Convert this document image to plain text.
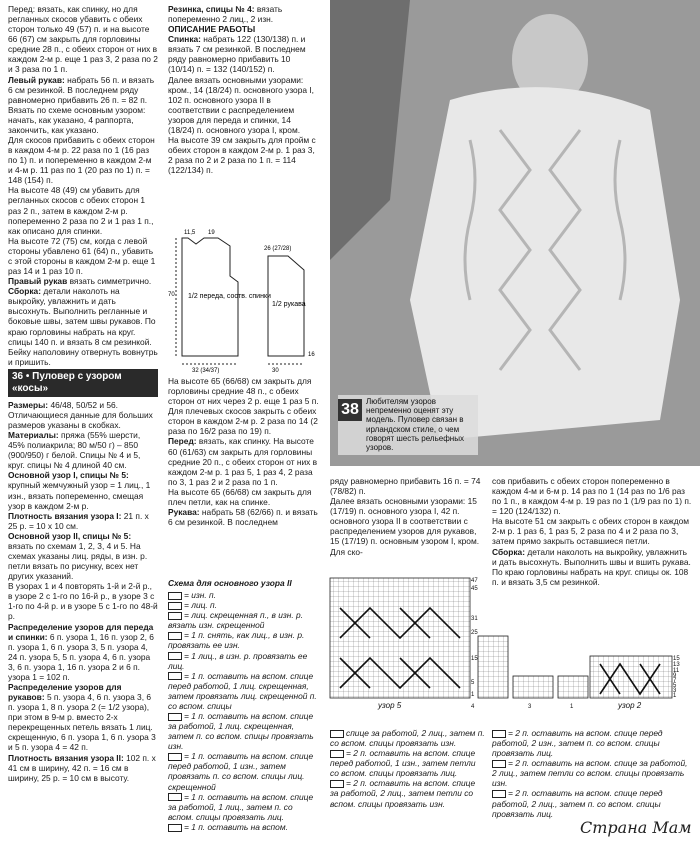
Перед: вязать, как спинку, но для регланных скосов убавить с обеих сторон только 49 (57) п. и на высоте 66 (67) см закрыть для горловины средние 28 п., с обеих сторон от них в каждом 2-м р. еще 1 раз 3, 2 раза по 2 и 3 раза по 1 п.
Левый рукав: набрать 56 п. и вязать 6 см резинкой. В последнем ряду равномерно прибавить 26 п. = 82 п.
Вязать по схеме основным узором: начать, как указано, 4 раппорта, закончить, как указано.
Для скосов прибавить с обеих сторон в каждом 4-м р. 22 раза по 1 (16 раз по 1) п. и попеременно в каждом 2-м и 4-м р. 11 раз по 1 (20 раз по 1) п. = 148 (154) п.
На высоте 48 (49) см убавить для регланных скосов с обеих сторон 1 раз 2 п., затем в каждом 2-м р. попеременно 2 раза по 2 и 1 раз 1 п., как описано для спинки.
На высоте 72 (75) см, когда с левой стороны убавлено 61 (64) п., убавить с этой стороны в каждом 2-м р. еще 1 раз 14 и 1 раз 10 п.
Правый рукав вязать симметрично.
Сборка: детали наколоть на выкройку, увлажнить и дать высохнуть. Выполнить регланные и боковые швы, затем швы рукавов. По краю горловины набрать на круг. спицы 140 п. и вязать 8 см резинкой.
Бейку наполовину отвернуть вовнутрь и пришить.
36 • Пуловер с узором «косы»
Размеры: 46/48, 50/52 и 56.
Отличающиеся данные для больших размеров указаны в скобках.
Материалы: пряжа (55% шерсти, 45% полиакрила; 80 м/50 г) – 850 (900/950) г белой. Спицы № 4 и 5, круг. спицы № 4 длиной 40 см.
Основной узор I, спицы № 5: крупный жемчужный узор = 1 лиц., 1 изн., вязать попеременно, смещая узор в каждом 2-м р.
Плотность вязания узора I: 21 п. х 25 р. = 10 х 10 см.
Основной узор II, спицы № 5: вязать по схемам 1, 2, 3, 4 и 5. На схемах указаны лиц. ряды, в изн. р. петли вязать по рисунку, всех нет других указаний.
В узорах 1 и 4 повторять 1-й и 2-й р., в узоре 2 с 1-го по 16-й р., в узоре 3 с 1-го по 4-й р. и в узоре 5 с 1-го по 48-й р.
Распределение узоров для переда и спинки: 6 п. узора 1, 16 п. узор 2, 6 п. узора 1, 6 п. узора 3, 5 п. узора 4, 24 п. узора 5, 5 п. узора 4, 6 п. узора 3, 6 п. узора 1, 16 п. узора 2 и 6 п. узора 1 = 102 п.
Распределение узоров для рукавов: 5 п. узора 4, 6 п. узора 3, 6 п. узора 1, 8 п. узора 2 (= 1/2 узора), при этом в 9-м р. вместо 2-х перекрещенных петель вязать 1 лиц. скрещенную, 6 п. узора 1, 6 п. узора 3 и 5 п. узора 4 = 42 п.
Плотность вязания узора II: 102 п. х 41 см в ширину, 42 п. = 16 см в ширину, 25 р. = 10 см в высоту.
Резинка, спицы № 4: вязать попеременно 2 лиц., 2 изн.
ОПИСАНИЕ РАБОТЫ
Спинка: набрать 122 (130/138) п. и вязать 7 см резинкой. В последнем ряду равномерно прибавить 10 (10/14) п. = 132 (140/152) п.
Далее вязать основными узорами: кром., 14 (18/24) п. основного узора I, 102 п. основного узора II в соответствии с распределением узоров для переда и спинки, 14 (18/24) п. основного узора I, кром.
На высоте 39 см закрыть для пройм с обеих сторон в каждом 2-м р. 1 раз 3, 2 раза по 2 и 2 раза по 1 п. = 114 (122/134) п.
11,5 19
70
26 (27/28)
32 (34/37)	30
16
1/2 переда, соотв. спинки
1/2 рукава
На высоте 65 (66/68) см закрыть для горловины средние 48 п., с обеих сторон от них через 2 р. еще 1 раз 5 п.
Для плечевых скосов закрыть с обеих сторон в каждом 2-м р. 2 раза по 14 (2 раза по 16/2 раза по 19) п.
Перед: вязать, как спинку. На высоте 60 (61/63) см закрыть для горловины средние 20 п., с обеих сторон от них в каждом 2-м р. 1 раз 5, 1 раз 4, 2 раза по 3, 1 раз 2 и 2 раза по 1 п.
На высоте 65 (66/68) см закрыть для плеч петли, как на спинке.
Рукава: набрать 58 (62/66) п. и вязать 6 см резинкой. В последнем
38 Любителям узоров непременно оценят эту модель. Пуловер связан в ирландском стиле, о чем говорят шесть рельефных узоров.
ряду равномерно прибавить 16 п. = 74 (78/82) п.
Далее вязать основными узорами: 15 (17/19) п. основного узора I, 42 п. основного узора II в соответствии с распределением узоров для рукавов, 15 (17/19) п. основным узором I, кром. Для ско-
сов прибавить с обеих сторон попеременно в каждом 4-м и 6-м р. 14 раз по 1 (14 раз по 1/6 раз по 1 п., в каждом 4-м р. 19 раз по 1 (1/9 раз по 1) п. = 120 (124/132) п.
На высоте 51 см закрыть с обеих сторон в каждом 2-м р. 1 раз 6, 1 раз 5, 2 раза по 4 и 2 раза по 3, затем прямо закрыть оставшиеся петли.
Сборка: детали наколоть на выкройку, увлажнить и дать высохнуть. Выполнить швы и вшить рукава. По краю горловины набрать на круг. спицы ок. 108 п. и вязать 3,5 см резинкой.
Схема для основного узора II
= изн. п.
= лиц. п.
= лиц. скрещенная п., в изн. р. вязать изн. скрещенной
= 1 п. снять, как лиц., в изн. р. провязать ее изн.
= 1 лиц., в изн. р. провязать ее лиц.
= 1 п. оставить на вспом. спице перед работой, 1 лиц. скрещенная, затем провязать лиц. скрещенной п. со вспом. спицы
= 1 п. оставить на вспом. спице за работой, 1 лиц. скрещенная, затем п. со вспом. спицы провязать изн.
= 1 п. оставить на вспом. спице перед работой, 1 изн., затем провязать п. со вспом. спицы лиц. скрещенной
= 1 п. оставить на вспом. спице за работой, 1 лиц., затем п. со вспом. спицы провязать лиц.
= 1 п. оставить на вспом.
узор 5	4	3	1	узор 2
47
45
31
25
15
5
1
15
13
11
9
7
5
3
1
спице за работой, 2 лиц., затем п. со вспом. спицы провязать изн.
= 2 п. оставить на вспом. спице перед работой, 1 изн., затем петли со вспом. спицы провязать лиц.
= 2 п. оставить на вспом. спице за работой, 2 лиц., затем петли со вспом. спицы провязать изн.
= 2 п. оставить на вспом. спице перед работой, 2 изн., затем п. со вспом. спицы провязать лиц.
= 2 п. оставить на вспом. спице за работой, 2 лиц., затем петли со вспом. спицы провязать изн.
= 2 п. оставить на вспом. спице перед работой, 2 лиц., затем п. со вспом. спицы провязать лиц.
Страна Мам
